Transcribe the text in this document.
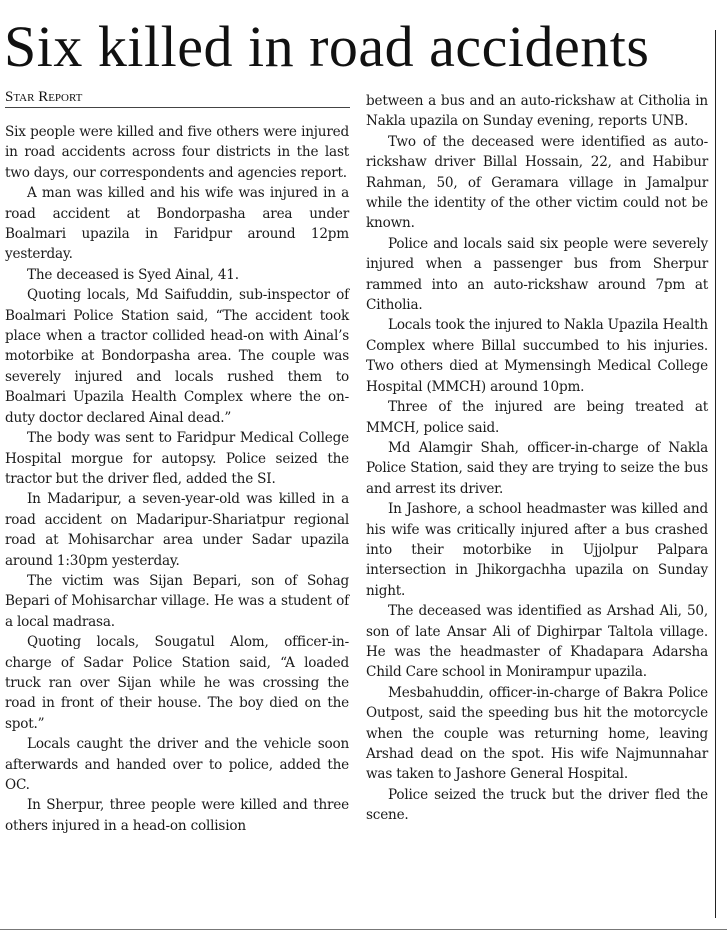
Six killed in road accidents
Star Report

Six people were killed and five others were injured in road accidents across four districts in the last two days, our correspondents and agencies report.

A man was killed and his wife was injured in a road accident at Bondorpasha area under Boalmari upazila in Faridpur around 12pm yesterday.

The deceased is Syed Ainal, 41.

Quoting locals, Md Saifuddin, sub-inspector of Boalmari Police Station said, “The accident took place when a tractor collided head-on with Ainal’s motorbike at Bondorpasha area. The couple was severely injured and locals rushed them to Boalmari Upazila Health Complex where the on-duty doctor declared Ainal dead.”

The body was sent to Faridpur Medical College Hospital morgue for autopsy. Police seized the tractor but the driver fled, added the SI.

In Madaripur, a seven-year-old was killed in a road accident on Madaripur-Shariatpur regional road at Mohisarchar area under Sadar upazila around 1:30pm yesterday.

The victim was Sijan Bepari, son of Sohag Bepari of Mohisarchar village. He was a student of a local madrasa.

Quoting locals, Sougatul Alom, officer-in-charge of Sadar Police Station said, “A loaded truck ran over Sijan while he was crossing the road in front of their house. The boy died on the spot.”

Locals caught the driver and the vehicle soon afterwards and handed over to police, added the OC.

In Sherpur, three people were killed and three others injured in a head-on collision

between a bus and an auto-rickshaw at Citholia in Nakla upazila on Sunday evening, reports UNB.

Two of the deceased were identified as auto-rickshaw driver Billal Hossain, 22, and Habibur Rahman, 50, of Geramara village in Jamalpur while the identity of the other victim could not be known.

Police and locals said six people were severely injured when a passenger bus from Sherpur rammed into an auto-rickshaw around 7pm at Citholia.

Locals took the injured to Nakla Upazila Health Complex where Billal succumbed to his injuries. Two others died at Mymensingh Medical College Hospital (MMCH) around 10pm.

Three of the injured are being treated at MMCH, police said.

Md Alamgir Shah, officer-in-charge of Nakla Police Station, said they are trying to seize the bus and arrest its driver.

In Jashore, a school headmaster was killed and his wife was critically injured after a bus crashed into their motorbike in Ujjolpur Palpara intersection in Jhikorgachha upazila on Sunday night.

The deceased was identified as Arshad Ali, 50, son of late Ansar Ali of Dighirpar Taltola village. He was the headmaster of Khadapara Adarsha Child Care school in Monirampur upazila.

Mesbahuddin, officer-in-charge of Bakra Police Outpost, said the speeding bus hit the motorcycle when the couple was returning home, leaving Arshad dead on the spot. His wife Najmunnahar was taken to Jashore General Hospital.

Police seized the truck but the driver fled the scene.
